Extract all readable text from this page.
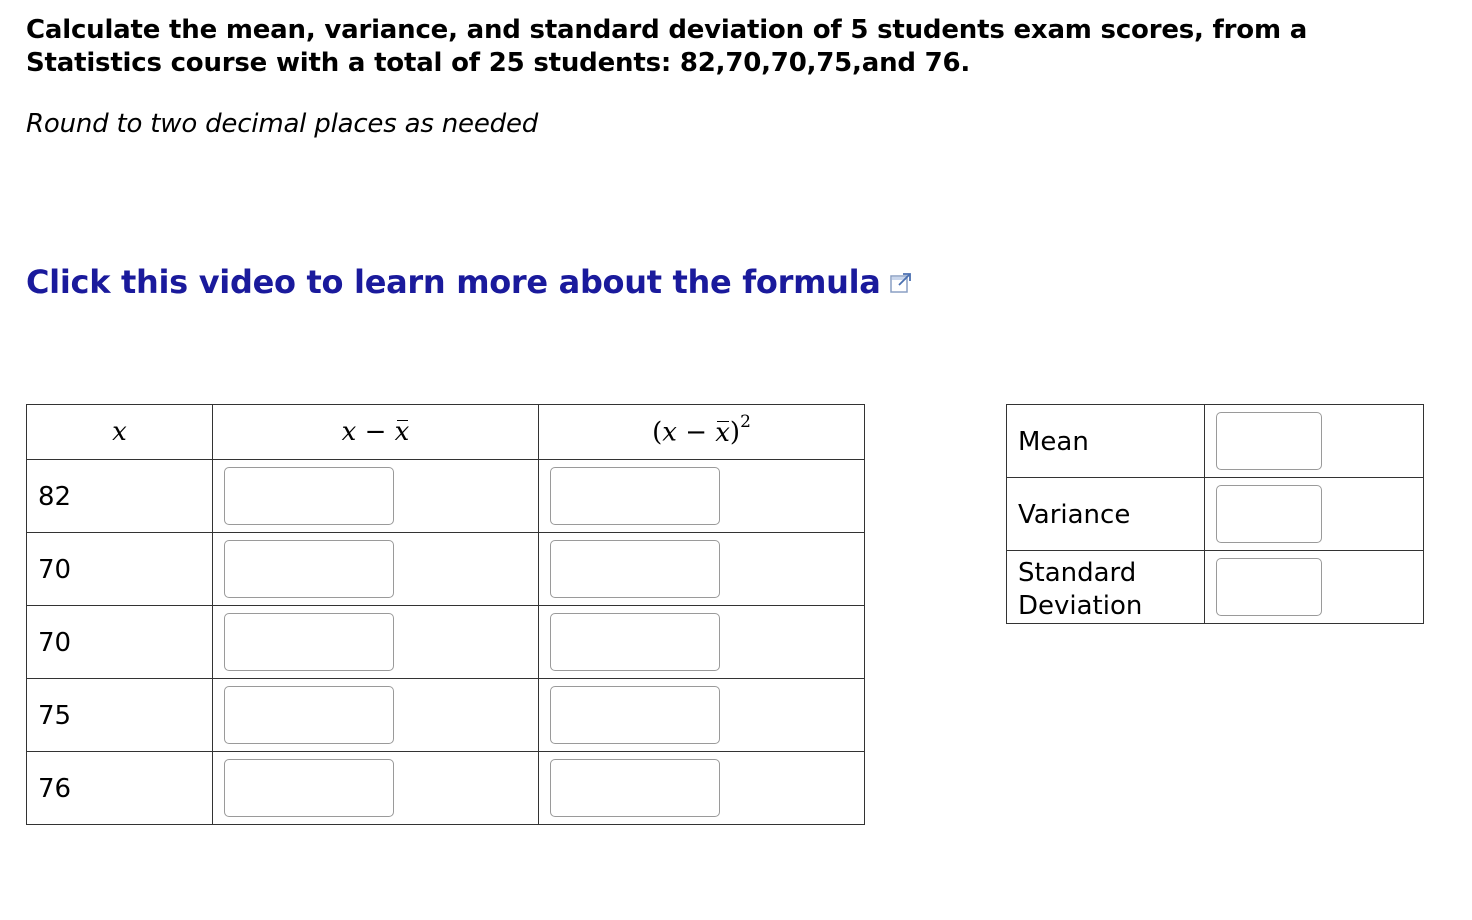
Calculate the mean, variance, and standard deviation of 5 students exam scores, from a Statistics course with a total of 25 students: 82,70,70,75,and 76.
Round to two decimal places as needed
Click this video to learn more about the formula
x	x − x	$(x - x)^2$

82

70

70

75

76

Mean	

Variance	

Standard
Deviation
